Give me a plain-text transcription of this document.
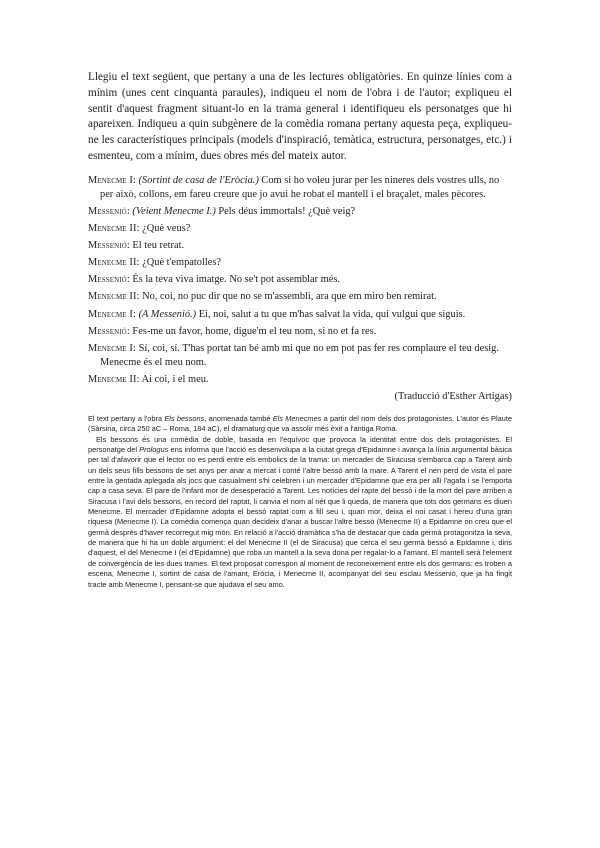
Llegiu el text següent, que pertany a una de les lectures obligatòries. En quinze línies com a mínim (unes cent cinquanta paraules), indiqueu el nom de l'obra i de l'autor; expliqueu el sentit d'aquest fragment situant-lo en la trama general i identifiqueu els personatges que hi apareixen. Indiqueu a quin subgènere de la comèdia romana pertany aquesta peça, expliqueu-ne les característiques principals (models d'inspiració, temàtica, estructura, personatges, etc.) i esmenteu, com a mínim, dues obres més del mateix autor.

Menecme I: (Sortint de casa de l'Eròcia.) Com si ho voleu jurar per les nineres dels vostres ulls, no per això, collons, em fareu creure que jo avui he robat el mantell i el braçalet, males pècores.

Messenió: (Veient Menecme I.) Pels déus immortals! ¿Què veig?

Menecme II: ¿Què veus?

Messenió: El teu retrat.

Menecme II: ¿Què t'empatolles?

Messenió: És la teva viva imatge. No se't pot assemblar més.

Menecme II: No, coi, no puc dir que no se m'assembli, ara que em miro ben remirat.

Menecme I: (A Messenió.) Ei, noi, salut a tu que m'has salvat la vida, qui vulgui que siguis.

Messenió: Fes-me un favor, home, digue'm el teu nom, si no et fa res.

Menecme I: Sí, coi, sí. T'has portat tan bé amb mi que no em pot pas fer res complaure el teu desig. Menecme és el meu nom.

Menecme II: Ai coi, i el meu.

(Traducció d'Esther Artigas)

El text pertany a l'obra Els bessons, anomenada també Els Menecmes a partir del nom dels dos protagonistes. L'autor és Plaute (Sàrsina, circa 250 aC – Roma, 184 aC), el dramaturg que va assolir més èxit a l'antiga Roma.

Els bessons és una comèdia de doble, basada en l'equívoc que provoca la identitat entre dos dels protagonistes. El personatge del Prologus ens informa que l'acció es desenvolupa a la ciutat grega d'Epidamne i avança la línia argumental bàsica per tal d'afavorir que el lector no es perdi entre els embolics de la trama: un mercader de Siracusa s'embarca cap a Tarent amb un dels seus fills bessons de set anys per anar a mercat i conté l'altre bessó amb la mare. A Tarent el nen perd de vista el pare entre la gentada aplegada als jocs que casualment s'hi celebren i un mercader d'Epidamne que era per allí l'agafa i se l'emporta cap a casa seva. El pare de l'infant mor de desesperació a Tarent. Les notícies del rapte del bessó i de la mort del pare arriben a Siracusa i l'avi dels bessons, en record del raptat, li canvia el nom al nét que li queda, de manera que tots dos germans es diuen Menecme. El mercader d'Epidamne adopta el bessó raptat com a fill seu i, quan mor, deixa el noi casat i hereu d'una gran riquesa (Menecme I). La comèdia comença quan decideix d'anar a buscar l'altre bessó (Menecme II) a Epidamne on creu que el germà desprès d'haver recorregut mig món. En relació a l'acció dramàtica s'ha de destacar que cada germà protagonitza la seva, de manera que hi ha un doble argument: el del Menecme II (el de Siracusa) que cerca el seu germà bessó a Epidamne i, dins d'aquest, el del Menecme I (el d'Epidamne) que roba un mantell a la seva dona per regalar-lo a l'amant. El mantell serà l'element de convergència de les dues trames. El text proposat correspon al moment de reconeixement entre els dos germans: es troben a escena, Menecme I, sortint de casa de l'amant, Eròcia, i Menecme II, acompanyat del seu esclau Messenió, que ja ha fingit tracte amb Menecme I, pensant-se que ajudava el seu amo.
